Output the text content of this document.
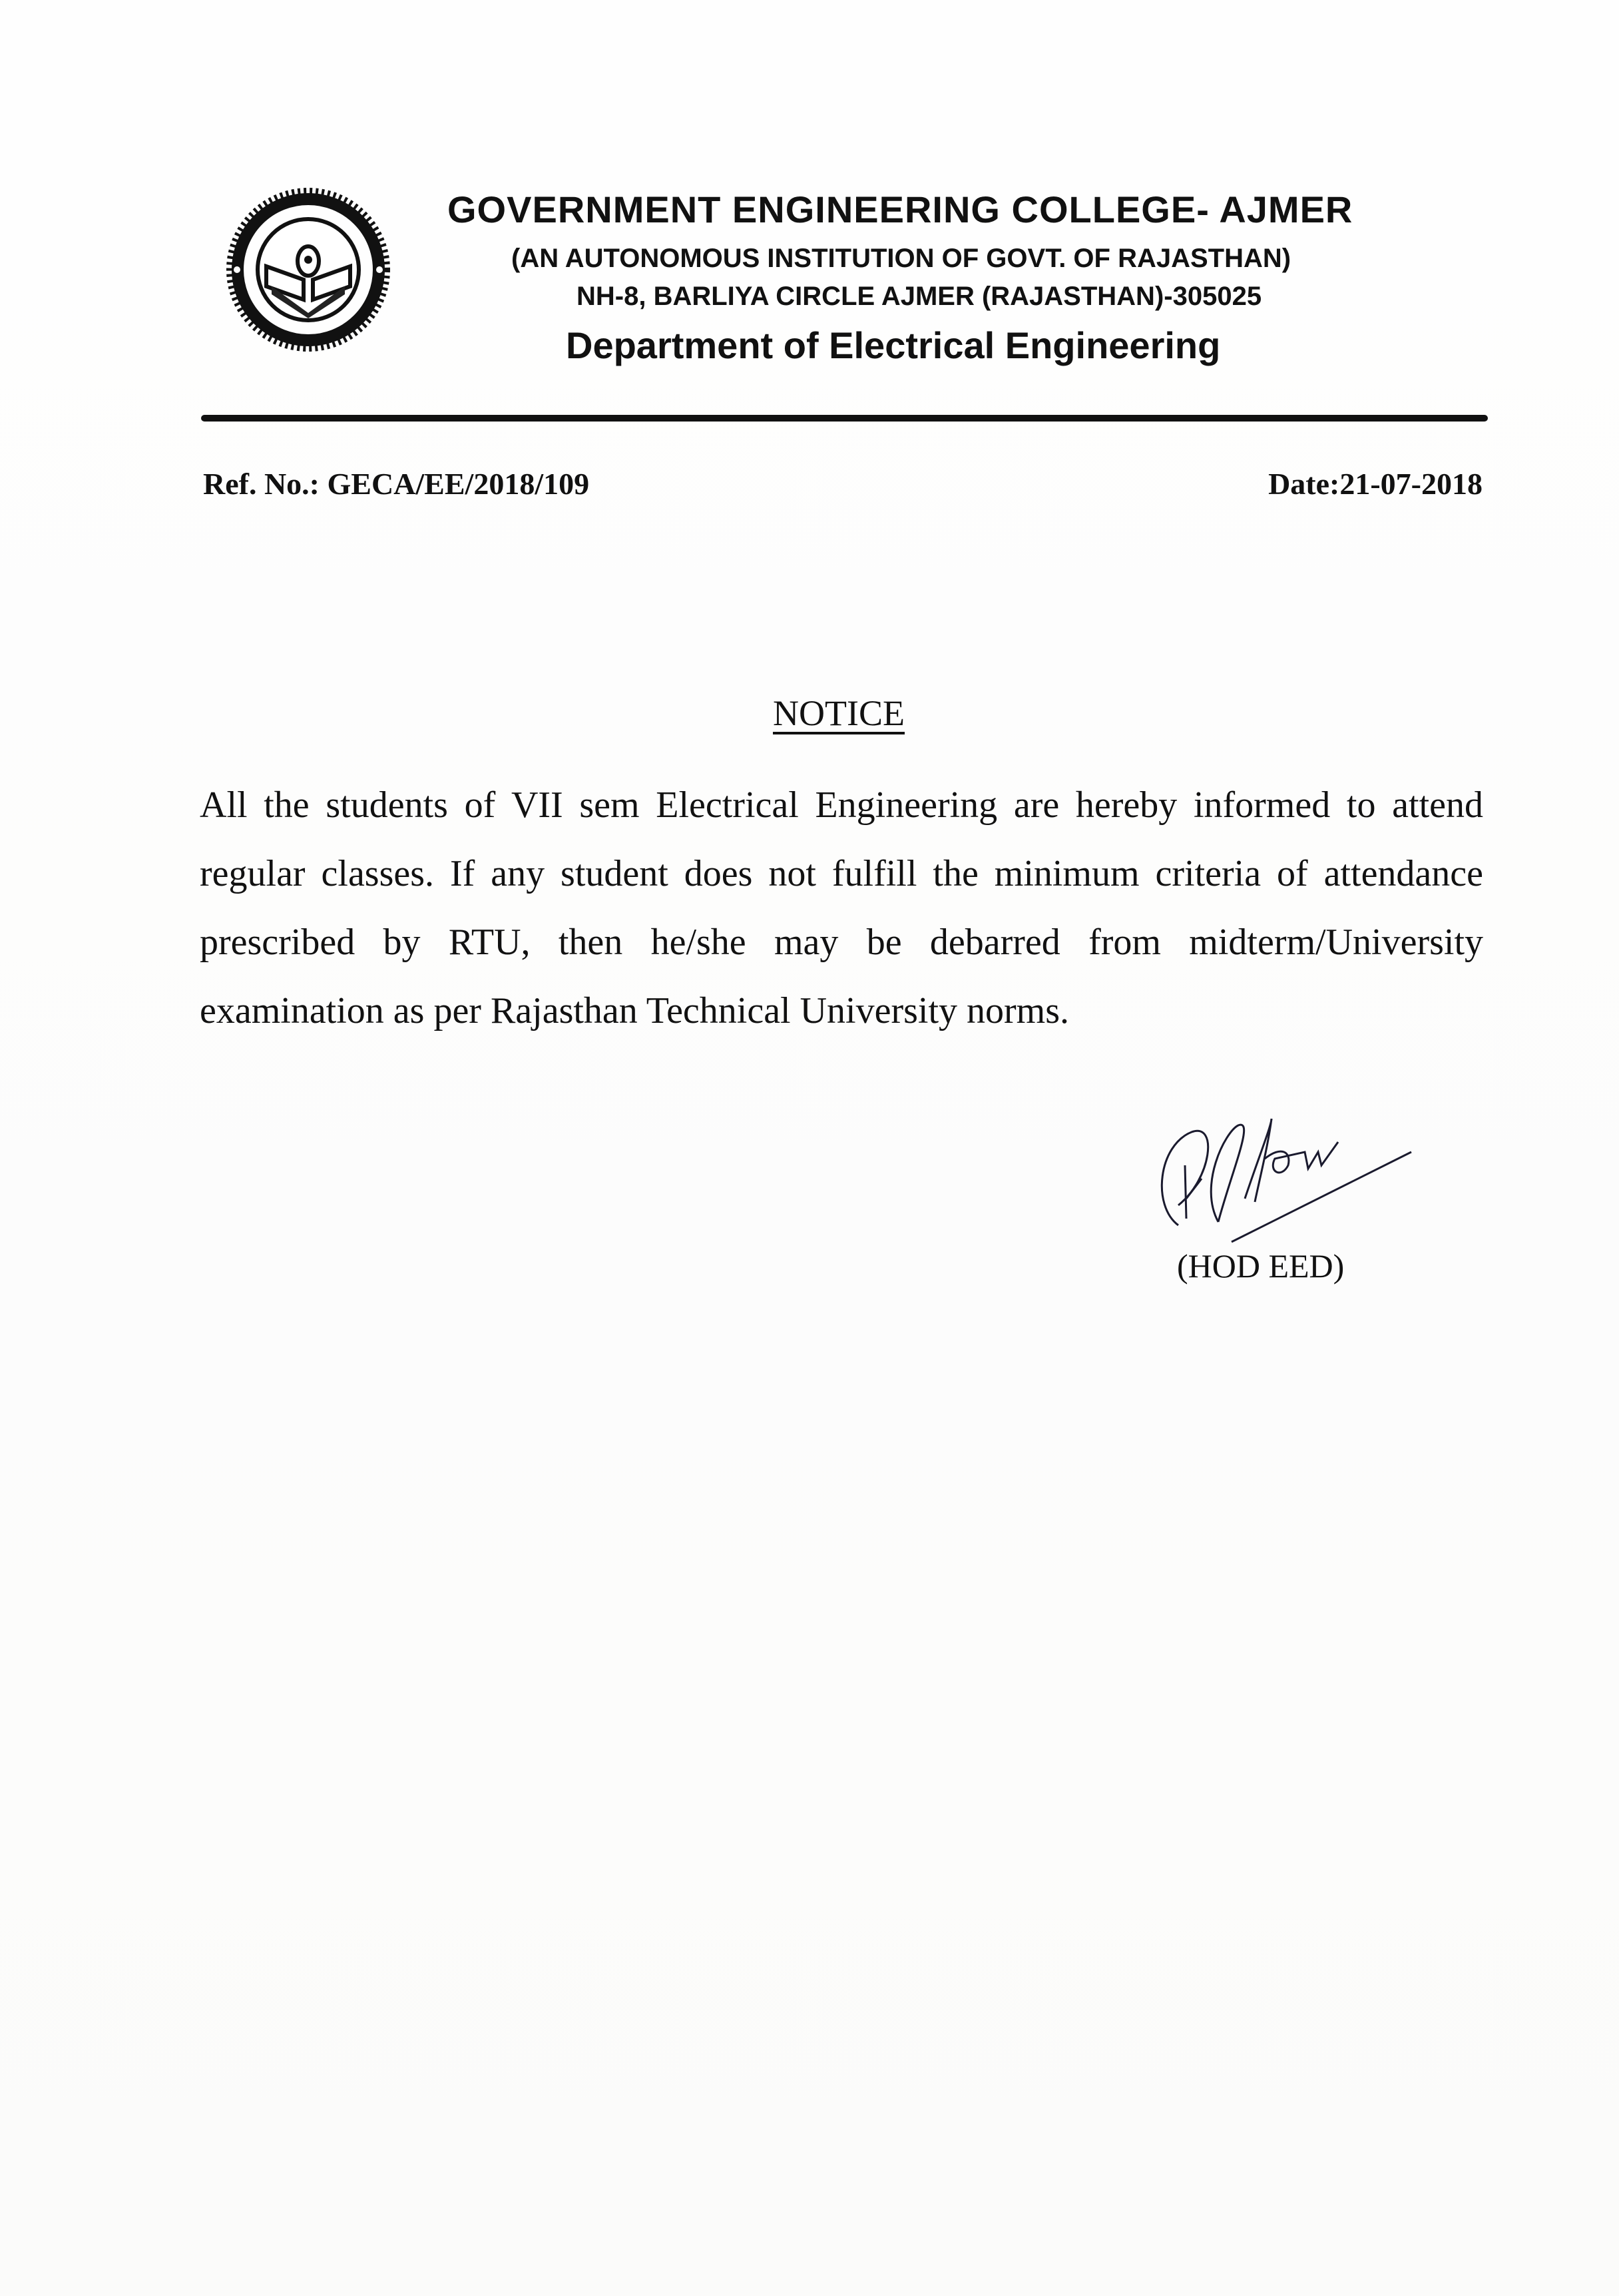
GOVERNMENT ENGINEERING COLLEGE- AJMER
(AN AUTONOMOUS INSTITUTION OF GOVT. OF RAJASTHAN)
NH-8, BARLIYA CIRCLE AJMER (RAJASTHAN)-305025
Department of Electrical Engineering
Ref. No.: GECA/EE/2018/109	Date:21-07-2018
NOTICE
All the students of VII sem Electrical Engineering are hereby informed to attend regular classes. If any student does not fulfill the minimum criteria of attendance prescribed by RTU, then he/she may be debarred from midterm/University examination as per Rajasthan Technical University norms.
(HOD EED)
